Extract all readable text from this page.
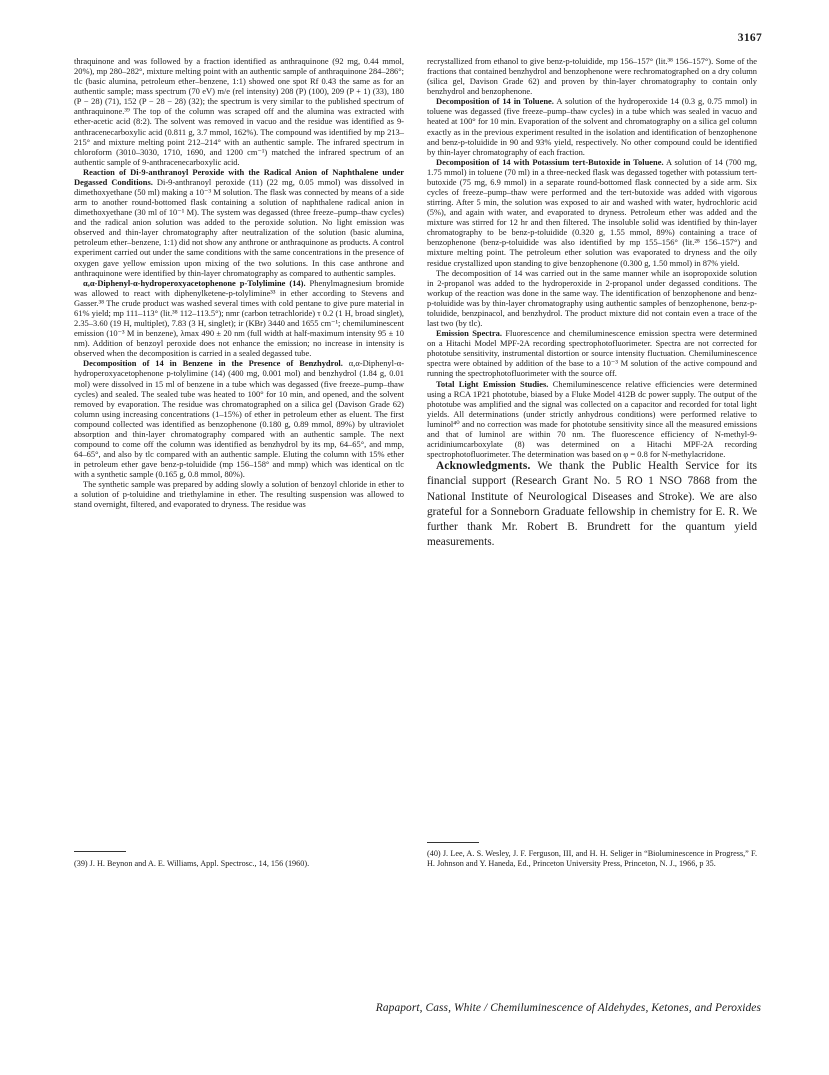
3167

thraquinone and was followed by a fraction identified as anthraquinone (92 mg, 0.44 mmol, 20%), mp 280–282°, mixture melting point with an authentic sample of anthraquinone 284–286°; tlc (basic alumina, petroleum ether–benzene, 1:1) showed one spot Rf 0.43 the same as for an authentic sample; mass spectrum (70 eV) m/e (rel intensity) 208 (P) (100), 209 (P + 1) (33), 180 (P − 28) (71), 152 (P − 28 − 28) (32); the spectrum is very similar to the published spectrum of anthraquinone.³⁹ The top of the column was scraped off and the alumina was extracted with ether-acetic acid (8:2). The solvent was removed in vacuo and the residue was identified as 9-anthracenecarboxylic acid (0.811 g, 3.7 mmol, 162%). The compound was identified by mp 213–215° and mixture melting point 212–214° with an authentic sample. The infrared spectrum in chloroform (3010–3030, 1710, 1690, and 1200 cm⁻¹) matched the infrared spectrum of an authentic sample of 9-anthracenecarboxylic acid.

Reaction of Di-9-anthranoyl Peroxide with the Radical Anion of Naphthalene under Degassed Conditions. Di-9-anthranoyl peroxide (11) (22 mg, 0.05 mmol) was dissolved in dimethoxyethane (50 ml) making a 10⁻³ M solution. The flask was connected by means of a side arm to another round-bottomed flask containing a solution of naphthalene radical anion in dimethoxyethane (30 ml of 10⁻¹ M). The system was degassed (three freeze–pump–thaw cycles) and the radical anion solution was added to the peroxide solution. No light emission was observed and thin-layer chromatography after neutralization of the solution (basic alumina, petroleum ether–benzene, 1:1) did not show any anthrone or anthraquinone as products. A control experiment carried out under the same conditions with the same concentrations in the presence of oxygen gave yellow emission upon mixing of the two solutions. In this case anthrone and anthraquinone were identified by thin-layer chromatography as compared to authentic samples.

α,α-Diphenyl-α-hydroperoxyacetophenone p-Tolylimine (14). Phenylmagnesium bromide was allowed to react with diphenylketene-p-tolylimine³³ in ether according to Stevens and Gasser.³⁸ The crude product was washed several times with cold pentane to give pure material in 61% yield; mp 111–113° (lit.³⁸ 112–113.5°); nmr (carbon tetrachloride) τ 0.2 (1 H, broad singlet), 2.35–3.60 (19 H, multiplet), 7.83 (3 H, singlet); ir (KBr) 3440 and 1655 cm⁻¹; chemiluminescent emission (10⁻³ M in benzene), λmax 490 ± 20 nm (full width at half-maximum intensity 95 ± 10 nm). Addition of benzoyl peroxide does not enhance the emission; no increase in intensity is observed when the decomposition is carried in a sealed degassed tube.

Decomposition of 14 in Benzene in the Presence of Benzhydrol. α,α-Diphenyl-α-hydroperoxyacetophenone p-tolylimine (14) (400 mg, 0.001 mol) and benzhydrol (1.84 g, 0.01 mol) were dissolved in 15 ml of benzene in a tube which was degassed (five freeze–pump–thaw cycles) and sealed. The sealed tube was heated to 100° for 10 min, and opened, and the solvent removed by evaporation. The residue was chromatographed on a silica gel (Davison Grade 62) column using increasing concentrations (1–15%) of ether in petroleum ether as eluent. The first compound collected was identified as benzophenone (0.180 g, 0.89 mmol, 89%) by ultraviolet absorption and thin-layer chromatography compared with an authentic sample. The next compound to come off the column was identified as benzhydrol by its mp, 64–65°, and mmp, 64–65°, and also by tlc compared with an authentic sample. Eluting the column with 15% ether in petroleum ether gave benz-p-toluidide (mp 156–158° and mmp) which was identical on tlc with a synthetic sample (0.165 g, 0.8 mmol, 80%).

The synthetic sample was prepared by adding slowly a solution of benzoyl chloride in ether to a solution of p-toluidine and triethylamine in ether. The resulting suspension was allowed to stand overnight, filtered, and evaporated to dryness. The residue was

(39) J. H. Beynon and A. E. Williams, Appl. Spectrosc., 14, 156 (1960).

recrystallized from ethanol to give benz-p-toluidide, mp 156–157° (lit.³⁸ 156–157°). Some of the fractions that contained benzhydrol and benzophenone were rechromatographed on a dry column (silica gel, Davison Grade 62) and proven by thin-layer chromatography to contain only benzhydrol and benzophenone.

Decomposition of 14 in Toluene. A solution of the hydroperoxide 14 (0.3 g, 0.75 mmol) in toluene was degassed (five freeze–pump–thaw cycles) in a tube which was sealed in vacuo and heated at 100° for 10 min. Evaporation of the solvent and chromatography on a silica gel column exactly as in the previous experiment resulted in the isolation and identification of benzophenone and benz-p-toluidide in 90 and 93% yield, respectively. No other compound could be identified by thin-layer chromatography of each fraction.

Decomposition of 14 with Potassium tert-Butoxide in Toluene. A solution of 14 (700 mg, 1.75 mmol) in toluene (70 ml) in a three-necked flask was degassed together with potassium tert-butoxide (75 mg, 6.9 mmol) in a separate round-bottomed flask connected by a side arm. Six cycles of freeze–pump–thaw were performed and the tert-butoxide was added with vigorous stirring. After 5 min, the solution was exposed to air and washed with water, hydrochloric acid (5%), and again with water, and evaporated to dryness. Petroleum ether was added and the mixture was stirred for 12 hr and then filtered. The insoluble solid was identified by thin-layer chromatography to be benz-p-toluidide (0.320 g, 1.55 mmol, 89%) containing a trace of benzophenone (benz-p-toluidide was also identified by mp 155–156° (lit.²⁸ 156–157°) and mixture melting point. The petroleum ether solution was evaporated to dryness and the oily residue crystallized upon standing to give benzophenone (0.300 g, 1.50 mmol) in 87% yield.

The decomposition of 14 was carried out in the same manner while an isopropoxide solution in 2-propanol was added to the hydroperoxide in 2-propanol under degassed conditions. The workup of the reaction was done in the same way. The identification of benzophenone and benz-p-toluidide was by thin-layer chromatography using authentic samples of benzophenone, benz-p-toluidide, benzpinacol, and benzhydrol. The product mixture did not contain even a trace of the last two (by tlc).

Emission Spectra. Fluorescence and chemiluminescence emission spectra were determined on a Hitachi Model MPF-2A recording spectrophotofluorimeter. Spectra are not corrected for phototube sensitivity, instrumental distortion or source intensity fluctuation. Chemiluminescence spectra were obtained by addition of the base to a 10⁻³ M solution of the active compound and running the spectrophotofluorimeter with the source off.

Total Light Emission Studies. Chemiluminescence relative efficiencies were determined using a RCA 1P21 phototube, biased by a Fluke Model 412B dc power supply. The output of the phototube was amplified and the signal was collected on a capacitor and recorded for total light yields. All determinations (under strictly anhydrous conditions) were performed relative to luminol⁴⁰ and no correction was made for phototube sensitivity since all the measured emissions and that of luminol are within 70 nm. The fluorescence efficiency of N-methyl-9-acridiniumcarboxylate (8) was determined on a Hitachi MPF-2A recording spectrophotofluorimeter. The determination was based on φ = 0.8 for N-methylacridone.

Acknowledgments. We thank the Public Health Service for its financial support (Research Grant No. 5 RO 1 NSO 7868 from the National Institute of Neurological Diseases and Stroke). We are also grateful for a Sonneborn Graduate fellowship in chemistry for E. R. We further thank Mr. Robert B. Brundrett for the quantum yield measurements.

(40) J. Lee, A. S. Wesley, J. F. Ferguson, III, and H. H. Seliger in “Bioluminescence in Progress,” F. H. Johnson and Y. Haneda, Ed., Princeton University Press, Princeton, N. J., 1966, p 35.
Rapaport, Cass, White / Chemiluminescence of Aldehydes, Ketones, and Peroxides
